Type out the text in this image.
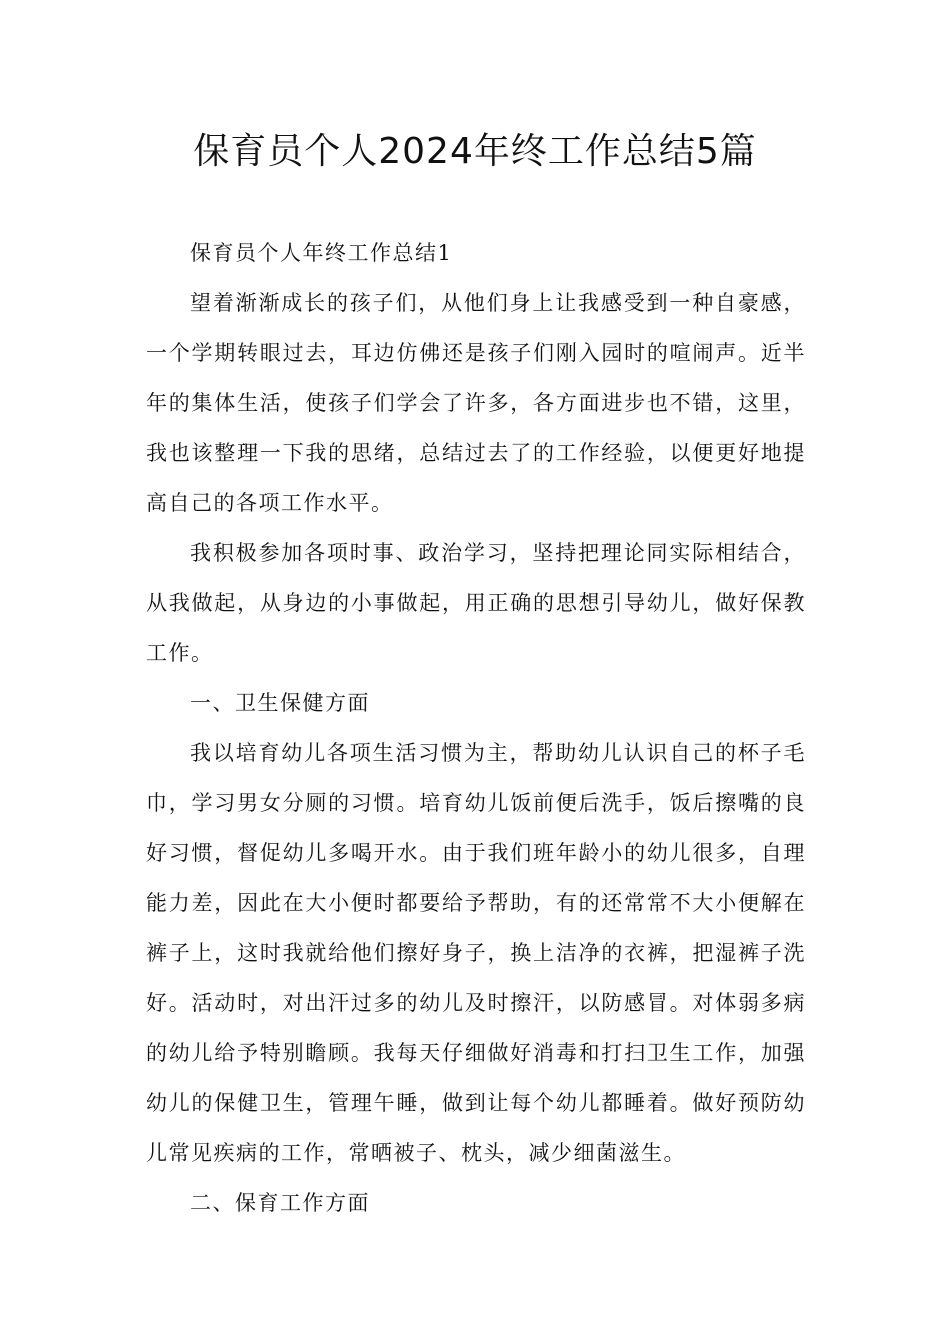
保育员个人2024年终工作总结5篇

保育员个人年终工作总结1

望着渐渐成长的孩子们，从他们身上让我感受到一种自豪感，一个学期转眼过去，耳边仿佛还是孩子们刚入园时的喧闹声。近半年的集体生活，使孩子们学会了许多，各方面进步也不错，这里，我也该整理一下我的思绪，总结过去了的工作经验，以便更好地提高自己的各项工作水平。

我积极参加各项时事、政治学习，坚持把理论同实际相结合，从我做起，从身边的小事做起，用正确的思想引导幼儿，做好保教工作。

一、卫生保健方面

我以培育幼儿各项生活习惯为主，帮助幼儿认识自己的杯子毛巾，学习男女分厕的习惯。培育幼儿饭前便后洗手，饭后擦嘴的良好习惯，督促幼儿多喝开水。由于我们班年龄小的幼儿很多，自理能力差，因此在大小便时都要给予帮助，有的还常常不大小便解在裤子上，这时我就给他们擦好身子，换上洁净的衣裤，把湿裤子洗好。活动时，对出汗过多的幼儿及时擦汗，以防感冒。对体弱多病的幼儿给予特别瞻顾。我每天仔细做好消毒和打扫卫生工作，加强幼儿的保健卫生，管理午睡，做到让每个幼儿都睡着。做好预防幼儿常见疾病的工作，常晒被子、枕头，减少细菌滋生。

二、保育工作方面
